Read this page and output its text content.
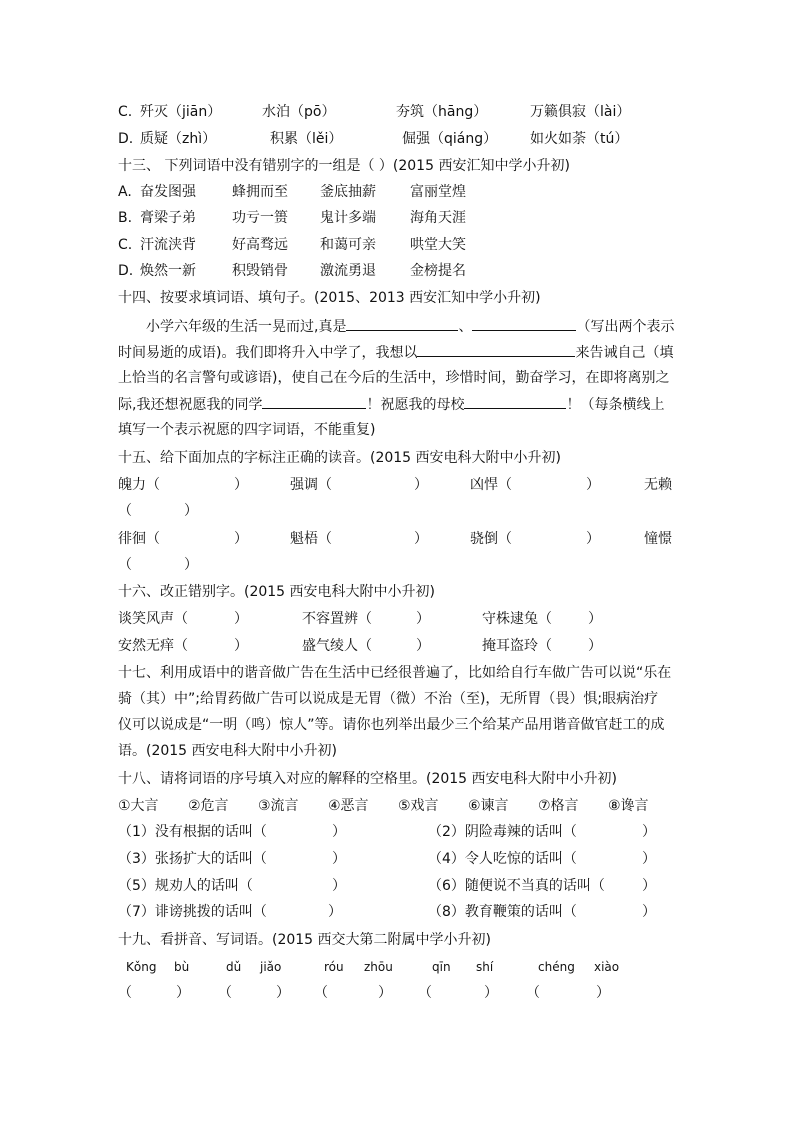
C. 歼灭（jiān）	水泊（pō）	夯筑（hāng）	万籁俱寂（lài）
D. 质疑（zhì）	积累（lěi）	倔强（qiáng） 如火如荼（tú）
十三、 下列词语中没有错别字的一组是（ ）(2015 西安汇知中学小升初)
A. 奋发图强	蜂拥而至 釜底抽薪 富丽堂煌
B. 膏梁子弟	功亏一篑 鬼计多端 海角天涯
C. 汗流浃背	好高骛远 和蔼可亲 哄堂大笑
D. 焕然一新	积毁销骨 激流勇退 金榜提名
十四、按要求填词语、填句子。(2015、2013 西安汇知中学小升初)
小学六年级的生活一晃而过,真是	、	（写出两个表示
时间易逝的成语)。我们即将升入中学了，我想以	来告诫自己（填
上恰当的名言警句或谚语)，使自己在今后的生活中，珍惜时间，勤奋学习，在即将离别之
际,我还想祝愿我的同学	！祝愿我的母校	！（每条横线上
填写一个表示祝愿的四字词语，不能重复)
十五、给下面加点的字标注正确的读音。(2015 西安电科大附中小升初)
魄力（	）	强调（	）	凶悍（	）	无赖
（	）
徘徊（	）	魁梧（	）	骁倒（	）	憧憬
（	）
十六、改正错别字。(2015 西安电科大附中小升初)
谈笑风声（	）	不容置辨（	）	守株逮兔（	）
安然无痒（	）	盛气绫人（	）	掩耳盗玲（	）
十七、利用成语中的谐音做广告在生活中已经很普遍了，比如给自行车做广告可以说“乐在
骑（其）中”;给胃药做广告可以说成是无胃（微）不治（至)，无所胃（畏）惧;眼病治疗
仪可以说成是“一明（鸣）惊人”等。请你也列举出最少三个给某产品用谐音做官赶工的成
语。(2015 西安电科大附中小升初)
十八、请将词语的序号填入对应的解释的空格里。(2015 西安电科大附中小升初)
①大言 ②危言 ③流言 ④恶言 ⑤戏言 ⑥谏言 ⑦格言 ⑧谗言
（1）没有根据的话叫（	）	（2）阴险毒辣的话叫（	）
（3）张扬扩大的话叫（	）	（4）令人吃惊的话叫（	）
（5）规劝人的话叫（	）	（6）随便说不当真的话叫（	）
（7）诽谤挑拨的话叫（	）	（8）教育鞭策的话叫（	）
十九、看拼音、写词语。(2015 西交大第二附属中学小升初)
Kǒng bù	dǔ jiǎo	róu zhōu	qīn shí	chéng xiào
（	） （	） （	） （	） （	）
